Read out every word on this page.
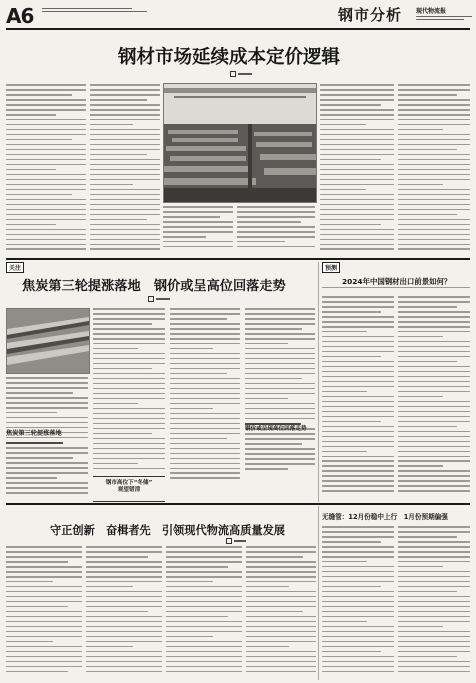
A6	钢市分析 现代物流报
钢材市场延续成本定价逻辑
关注
焦炭第三轮提涨落地　钢价或呈高位回落走势
焦炭第三轮提涨落地
钢市高位下“冬储”
观望错清
钢价或呈现高位回落走势
预测
2024年中国钢材出口前景如何？
无缝管：12月份稳中上行　1月份预期偏强
守正创新　奋楫者先　引领现代物流高质量发展
